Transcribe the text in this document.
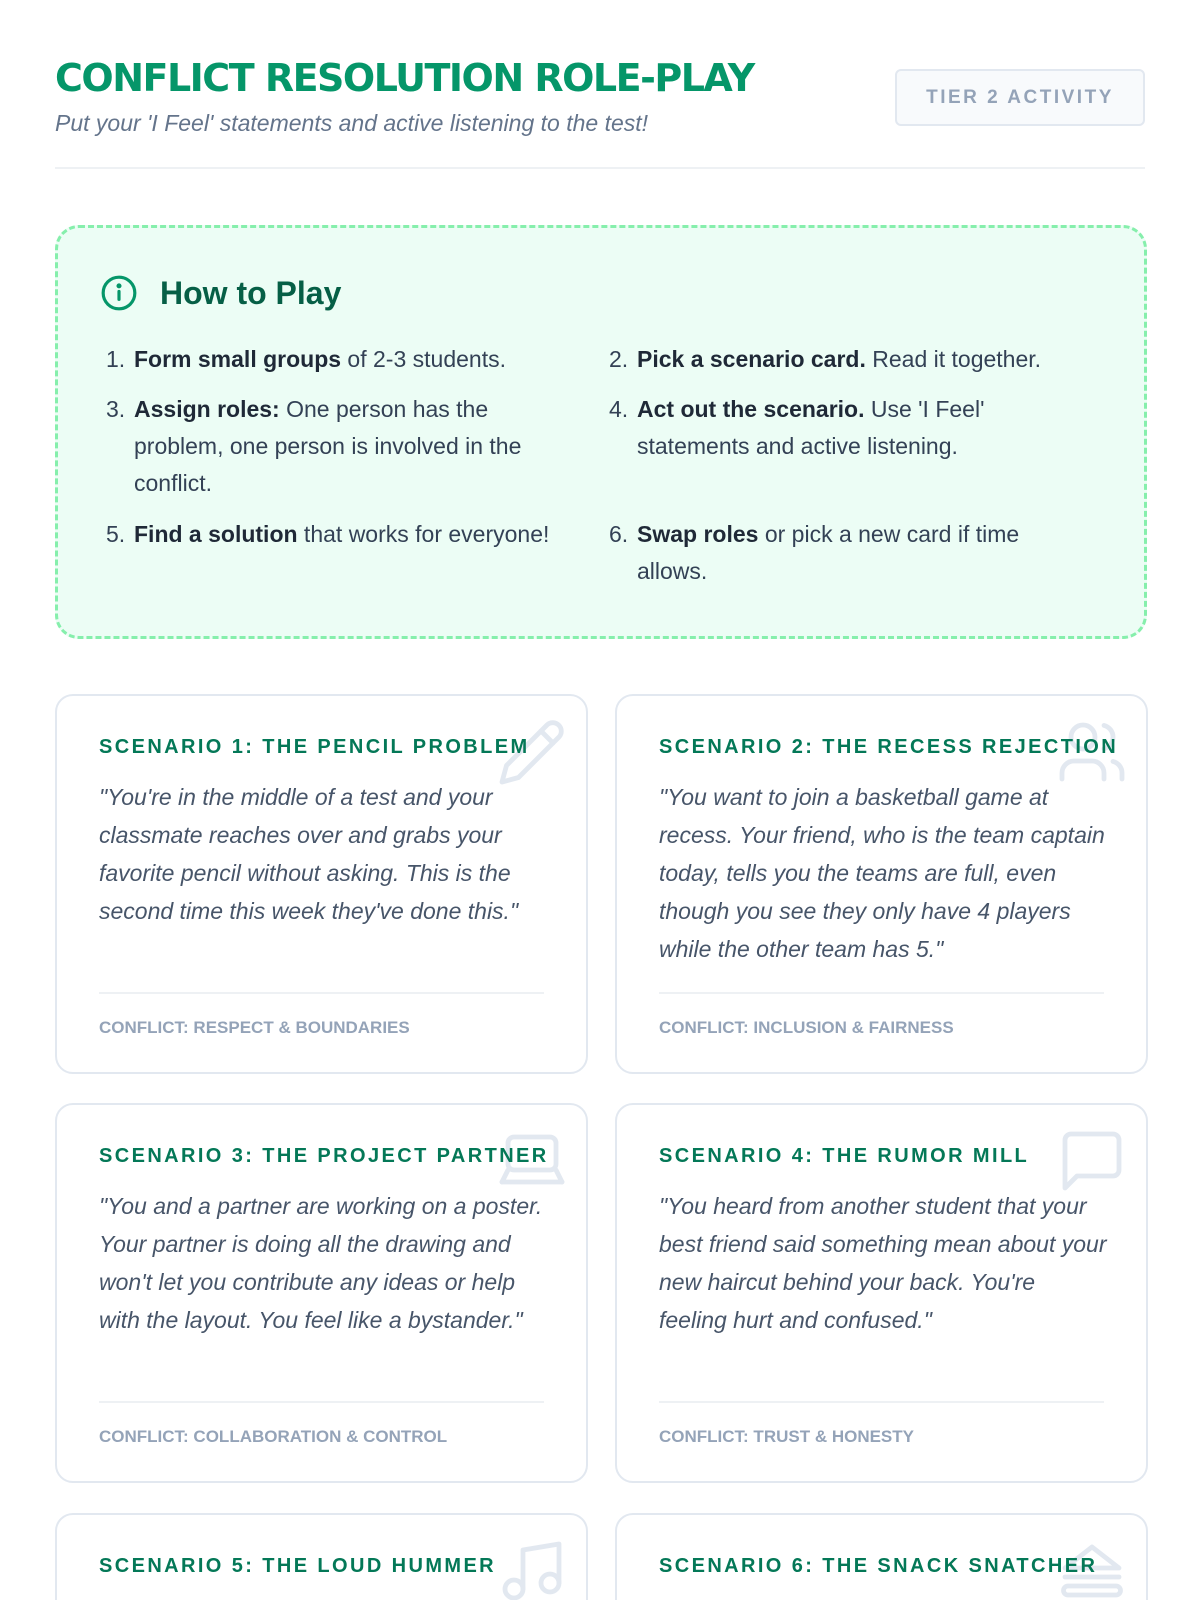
CONFLICT RESOLUTION ROLE-PLAY
Put your 'I Feel' statements and active listening to the test!
TIER 2 ACTIVITY
How to Play
1. Form small groups of 2-3 students.	2. Pick a scenario card. Read it together.
3. Assign roles: One person has the problem, one person is involved in the conflict.
4. Act out the scenario. Use 'I Feel' statements and active listening.
5. Find a solution that works for everyone!	6. Swap roles or pick a new card if time allows.
SCENARIO 1: THE PENCIL PROBLEM
"You're in the middle of a test and your classmate reaches over and grabs your favorite pencil without asking. This is the second time this week they've done this."
CONFLICT: RESPECT & BOUNDARIES
SCENARIO 2: THE RECESS REJECTION
"You want to join a basketball game at recess. Your friend, who is the team captain today, tells you the teams are full, even though you see they only have 4 players while the other team has 5."
CONFLICT: INCLUSION & FAIRNESS
SCENARIO 3: THE PROJECT PARTNER
"You and a partner are working on a poster. Your partner is doing all the drawing and won't let you contribute any ideas or help with the layout. You feel like a bystander."
CONFLICT: COLLABORATION & CONTROL
SCENARIO 4: THE RUMOR MILL
"You heard from another student that your best friend said something mean about your new haircut behind your back. You're feeling hurt and confused."
CONFLICT: TRUST & HONESTY
SCENARIO 5: THE LOUD HUMMER	SCENARIO 6: THE SNACK SNATCHER
